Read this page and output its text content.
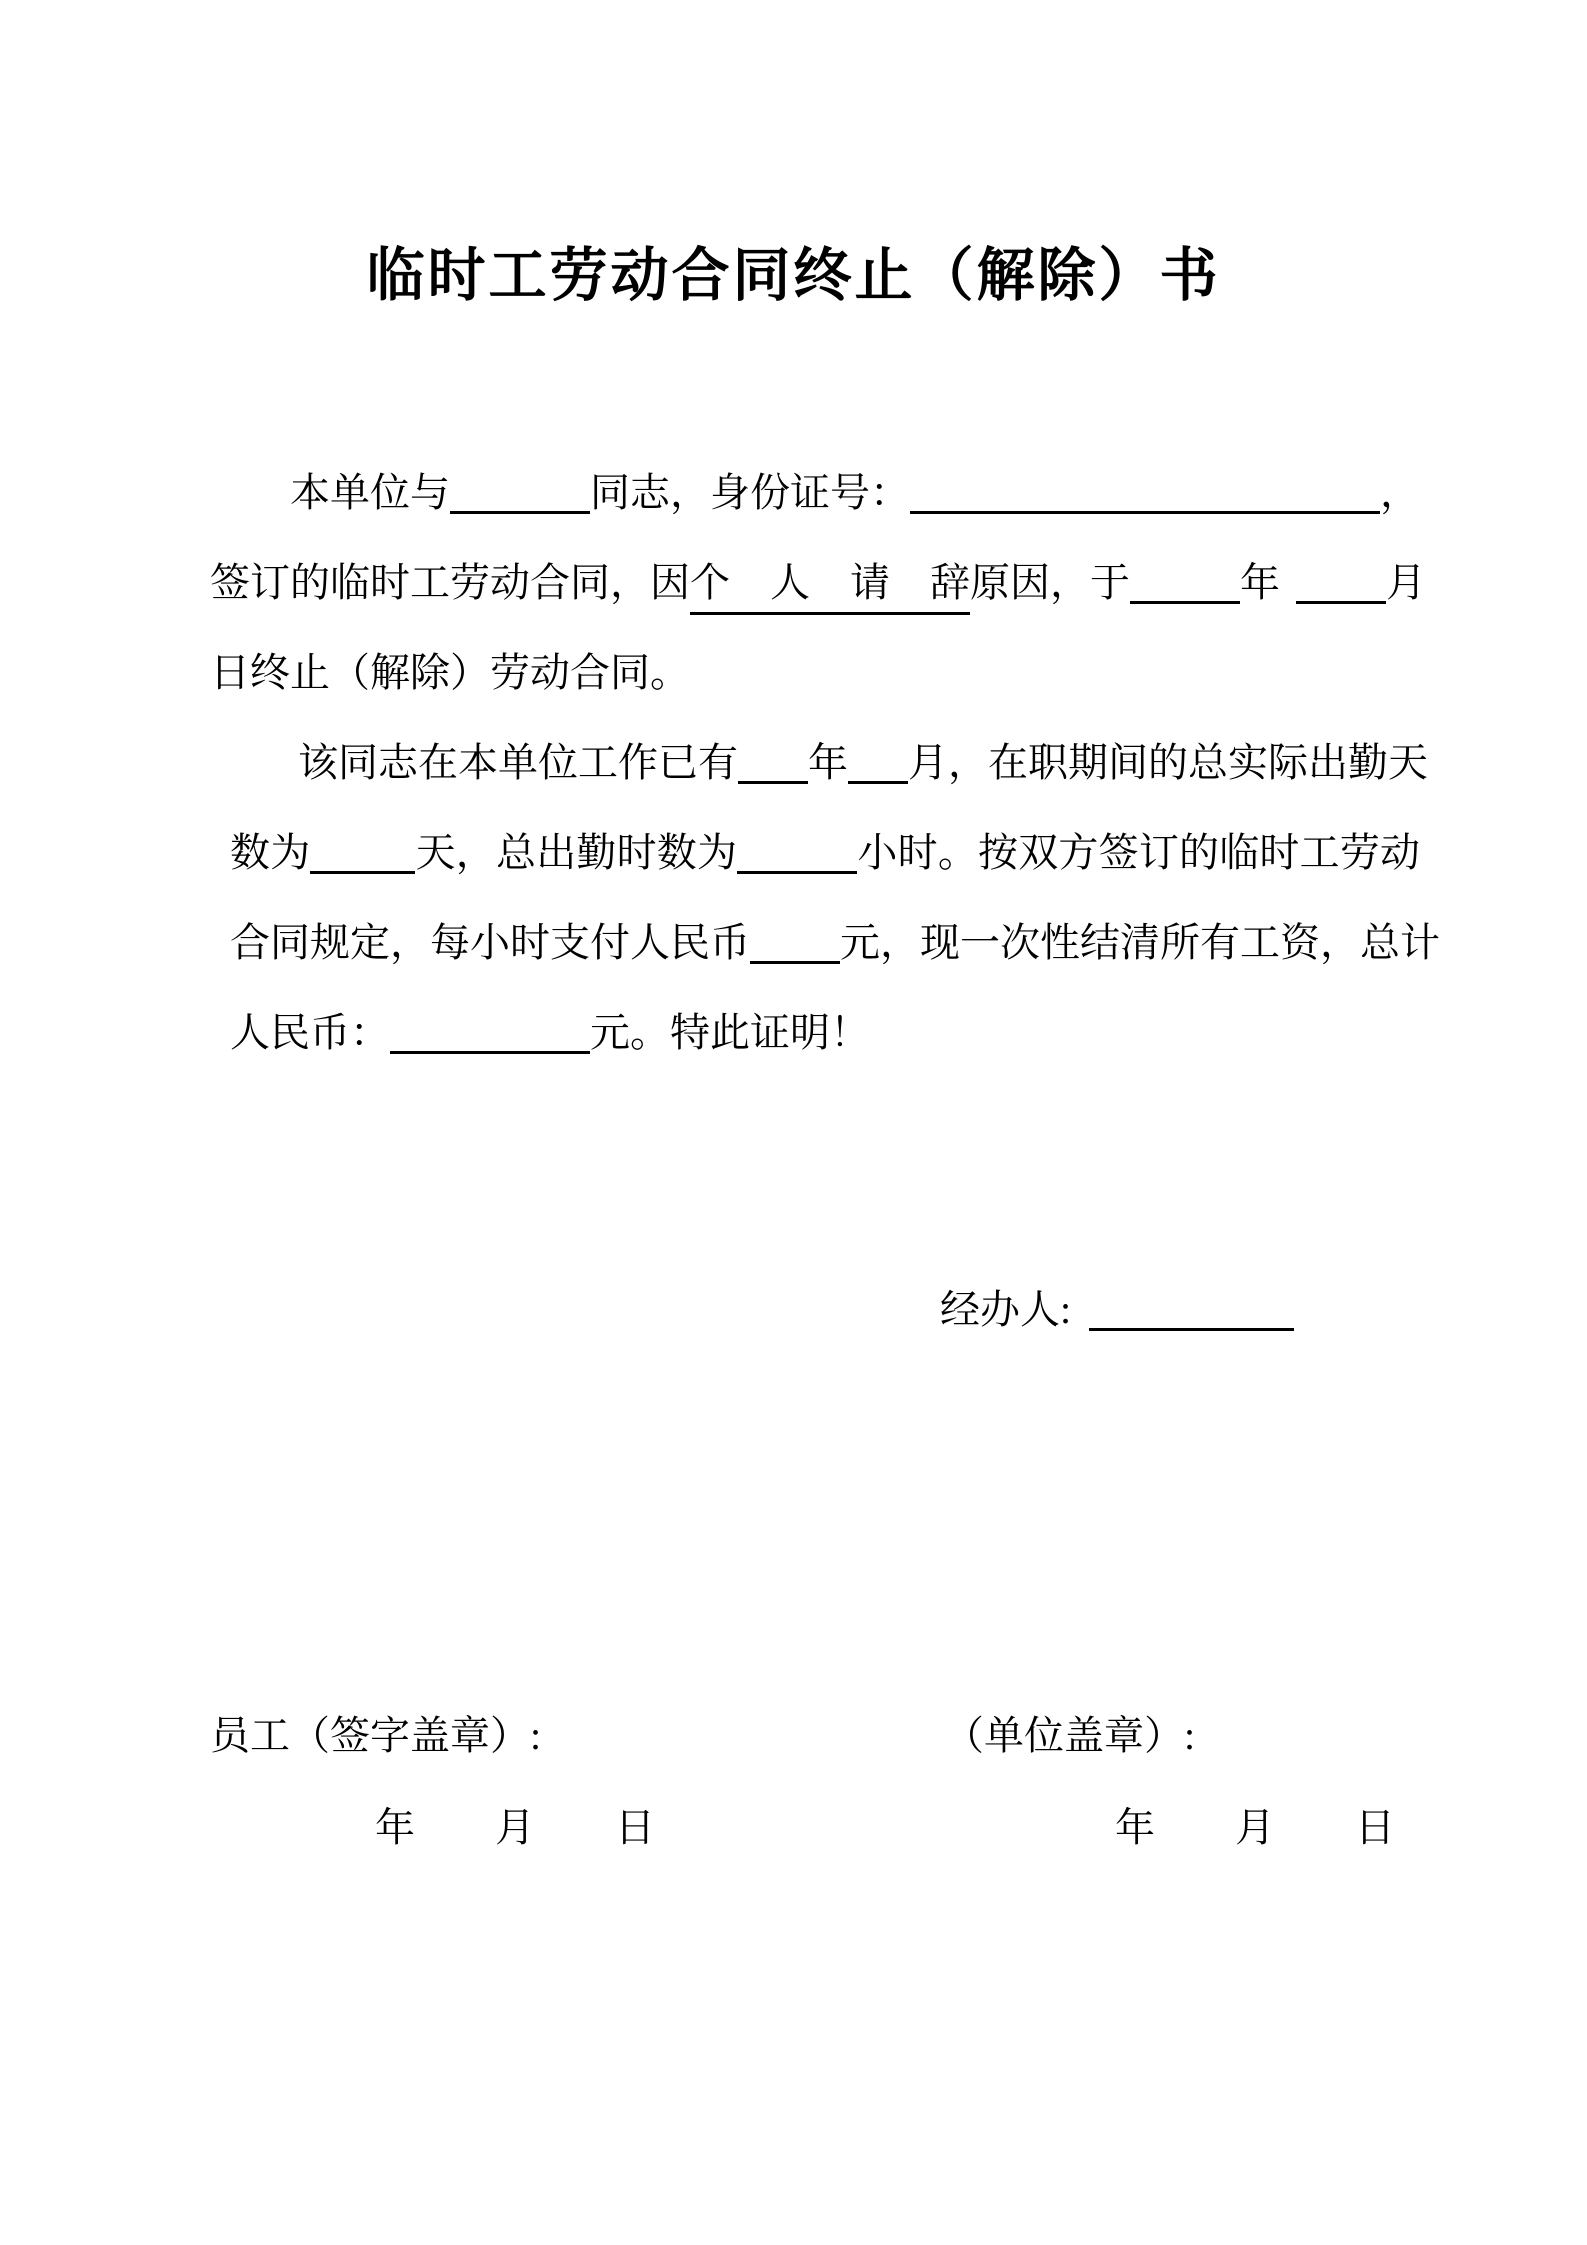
临时工劳动合同终止（解除）书
本单位与	同志，身份证号：	，
签订的临时工劳动合同，因个人请辞原因，于	年	月
日终止（解除）劳动合同。
该同志在本单位工作已有 年 月，在职期间的总实际出勤天
数为	天，总出勤时数为	小时。按双方签订的临时工劳动
合同规定，每小时支付人民币 元，现一次性结清所有工资，总计
人民币：	元。特此证明！
经办人:
员工（签字盖章）:	（单位盖章）:
年　　月　　日	年　　月　　日
